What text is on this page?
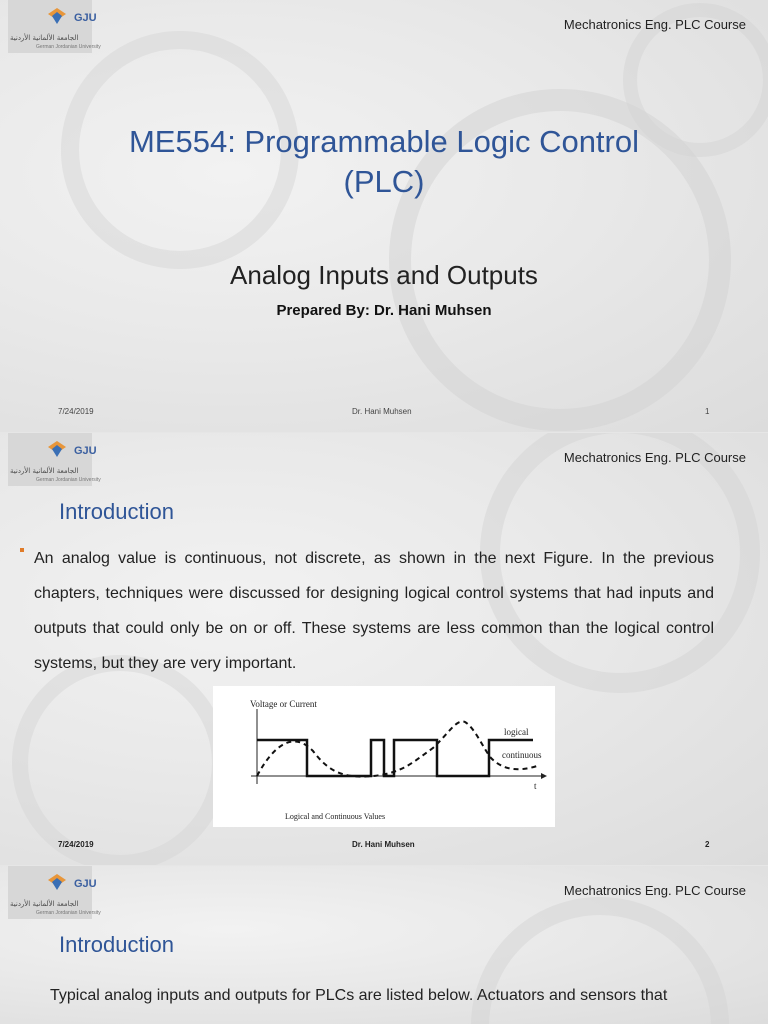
GJU
الجامعة الألمانية الأردنية
German Jordanian University
Mechatronics Eng. PLC Course
ME554: Programmable Logic Control
(PLC)
Analog Inputs and Outputs
Prepared By: Dr. Hani Muhsen
7/24/2019	Dr. Hani Muhsen	1
GJU
الجامعة الألمانية الأردنية
German Jordanian University
Mechatronics Eng. PLC Course
Introduction
An analog value is continuous, not discrete, as shown in the next Figure. In the previous chapters, techniques were discussed for designing logical control systems that had inputs and outputs that could only be on or off. These systems are less common than the logical control systems, but they are very important.
Voltage or Current
t
logical
continuous
Logical and Continuous Values
7/24/2019	Dr. Hani Muhsen	2
GJU
الجامعة الألمانية الأردنية
German Jordanian University
Mechatronics Eng. PLC Course
Introduction
Typical analog inputs and outputs for PLCs are listed below. Actuators and sensors that
